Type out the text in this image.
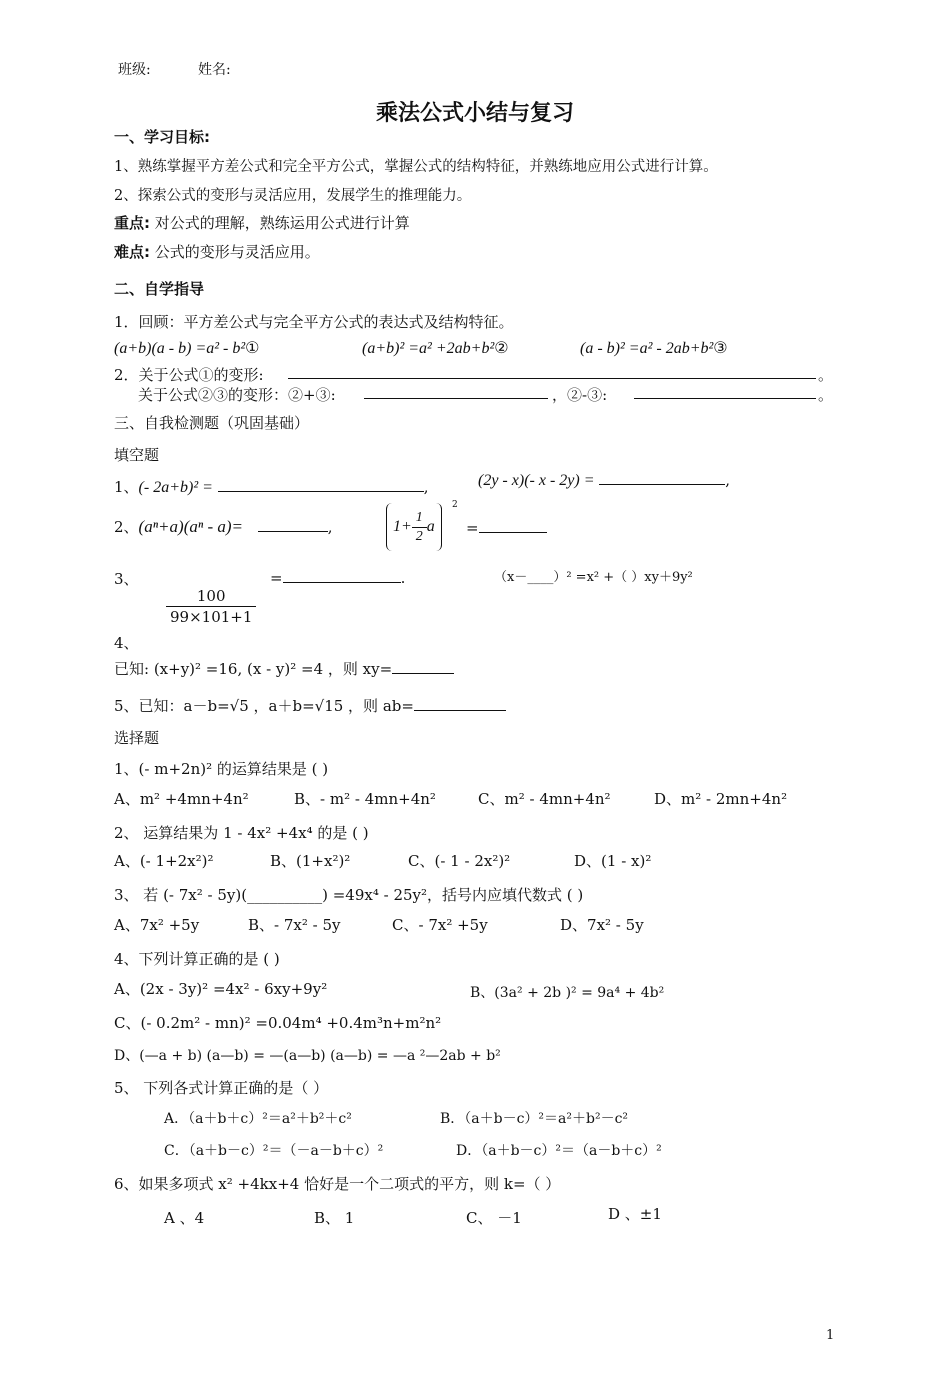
班级:	姓名:
乘法公式小结与复习
一、学习目标:
1、熟练掌握平方差公式和完全平方公式，掌握公式的结构特征，并熟练地应用公式进行计算。
2、探索公式的变形与灵活应用，发展学生的推理能力。
重点: 对公式的理解，熟练运用公式进行计算
难点: 公式的变形与灵活应用。
二、自学指导
1．回顾：平方差公式与完全平方公式的表达式及结构特征。
(a+b)(a - b) =a² - b²①	(a+b)² =a² +2ab+b²②	(a - b)² =a² - 2ab+b²③
2．关于公式①的变形:	。
关于公式②③的变形：②+③:	，②-③:	。
三、自我检测题（巩固基础）
填空题
1、(- 2a+b)² =	,	(2y - x)(- x - 2y) =	,
2、(aⁿ+a)(aⁿ - a)=	,	$1+ \frac{1}{2}$ a
2
=
3、
$\frac{100}{99\times 101+1}$
=	.	（x－____）² =x² +（ ）xy＋9y²
4、
已知: (x+y)² =16, (x - y)² =4 ，则 xy=
5、已知：a－b=√5 ，a＋b=√15 ，则 ab=
选择题
1、(- m+2n)² 的运算结果是 ( )
A、m² +4mn+4n²	B、- m² - 4mn+4n²	C、m² - 4mn+4n²	D、m² - 2mn+4n²
2、 运算结果为 1 - 4x² +4x⁴ 的是 ( )
A、(- 1+2x²)²	B、(1+x²)²	C、(- 1 - 2x²)²	D、(1 - x)²
3、 若 (- 7x² - 5y)(__________) =49x⁴ - 25y²，括号内应填代数式 ( )
A、7x² +5y	B、- 7x² - 5y	C、- 7x² +5y	D、7x² - 5y
4、下列计算正确的是 ( )
A、(2x - 3y)² =4x² - 6xy+9y²	B、(3a² + 2b )² = 9a⁴ + 4b²
C、(- 0.2m² - mn)² =0.04m⁴ +0.4m³n+m²n²
D、(—a + b) (a—b) = —(a—b) (a—b) = —a ²—2ab + b²
5、 下列各式计算正确的是（ ）
A．（a＋b＋c）²＝a²＋b²＋c²	B．（a＋b－c）²＝a²＋b²－c²
C．（a＋b－c）²＝（－a－b＋c）²	D．（a＋b－c）²＝（a－b＋c）²
6、如果多项式 x² +4kx+4 恰好是一个二项式的平方，则 k=（ ）
A 、4	B、 1	C、 －1	D 、±1
1
